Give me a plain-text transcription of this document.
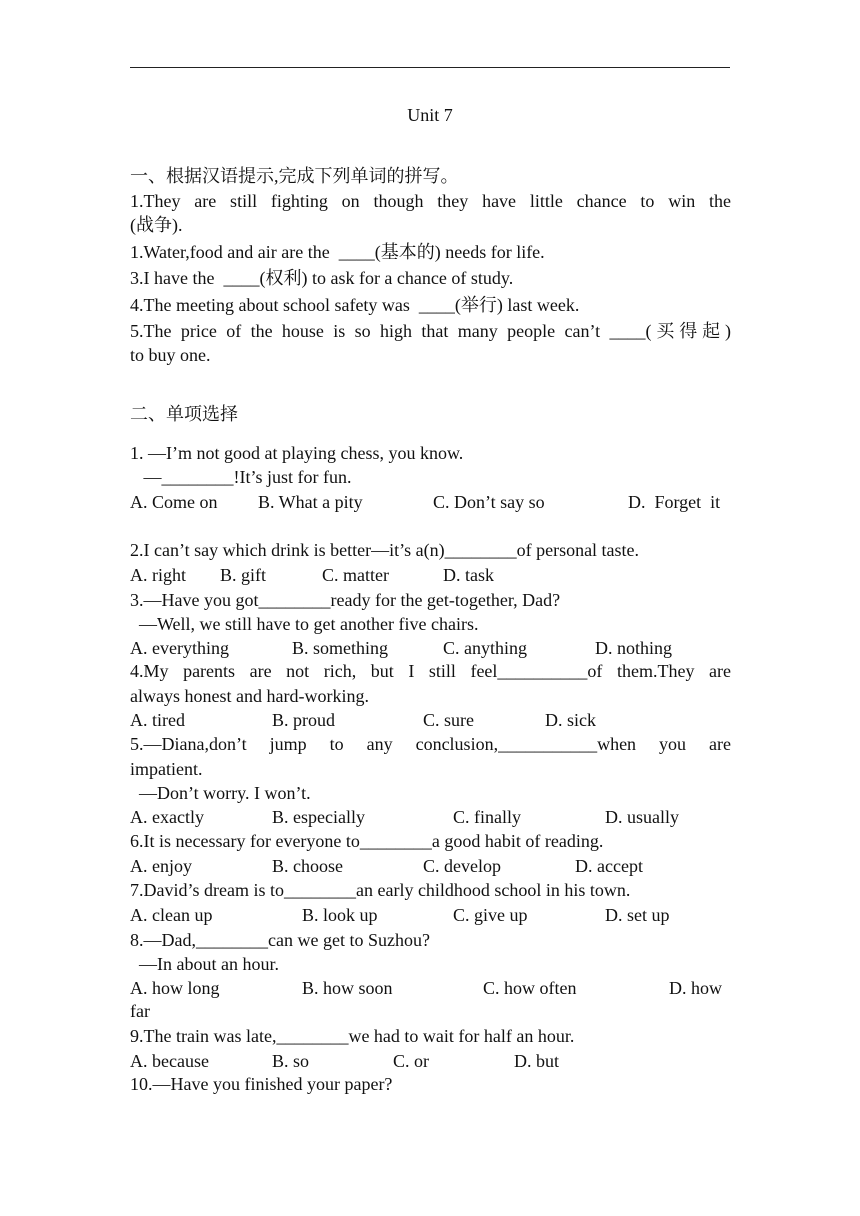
Unit 7
一、根据汉语提示,完成下列单词的拼写。
1.They are still fighting on though they have little chance to win the
(战争).
1.Water,food and air are the  ____(基本的) needs for life.
3.I have the  ____(权利) to ask for a chance of study.
4.The meeting about school safety was  ____(举行) last week.
5.The price of the house is so high that many people can’t ____(买得起)
to buy one.
二、单项选择
1. —I’m not good at playing chess, you know.
—________!It’s just for fun.
A. Come on B. What a pity	C. Don’t say so	D.  Forget  it
2.I can’t say which drink is better—it’s a(n)________of personal taste.
A. right B. gift	C. matter	D. task
3.—Have you got________ready for the get-together, Dad?
—Well, we still have to get another five chairs.
A. everything	B. something	C. anything	D. nothing
4.My parents are not rich, but I still feel__________of them.They are
always honest and hard-working.
A. tired	B. proud	C. sure	D. sick
5.—Diana,don’t jump to any conclusion,___________when you are
impatient.
—Don’t worry. I won’t.
A. exactly	B. especially	C. finally	D. usually
6.It is necessary for everyone to________a good habit of reading.
A. enjoy	B. choose	C. develop	D. accept
7.David’s dream is to________an early childhood school in his town.
A. clean up	B. look up	C. give up	D. set up
8.—Dad,________can we get to Suzhou?
—In about an hour.
A. how long	B. how soon	C. how often	D. how
far
9.The train was late,________we had to wait for half an hour.
A. because	B. so	C. or	D. but
10.—Have you finished your paper?
